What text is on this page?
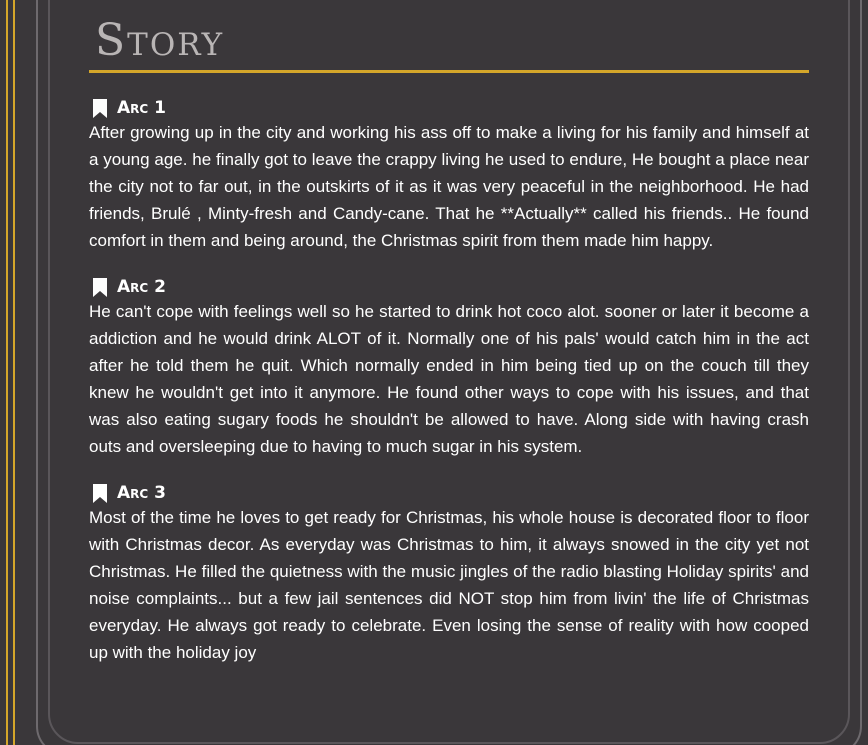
Story
Arc 1

After growing up in the city and working his ass off to make a living for his family and himself at a young age. he finally got to leave the crappy living he used to endure, He bought a place near the city not to far out, in the outskirts of it as it was very peaceful in the neighborhood. He had friends, Brulé , Minty-fresh and Candy-cane. That he **Actually** called his friends.. He found comfort in them and being around, the Christmas spirit from them made him happy.

Arc 2

He can't cope with feelings well so he started to drink hot coco alot. sooner or later it become a addiction and he would drink ALOT of it. Normally one of his pals' would catch him in the act after he told them he quit. Which normally ended in him being tied up on the couch till they knew he wouldn't get into it anymore. He found other ways to cope with his issues, and that was also eating sugary foods he shouldn't be allowed to have. Along side with having crash outs and oversleeping due to having to much sugar in his system.

Arc 3

Most of the time he loves to get ready for Christmas, his whole house is decorated floor to floor with Christmas decor. As everyday was Christmas to him, it always snowed in the city yet not Christmas. He filled the quietness with the music jingles of the radio blasting Holiday spirits' and noise complaints... but a few jail sentences did NOT stop him from livin' the life of Christmas everyday. He always got ready to celebrate. Even losing the sense of reality with how cooped up with the holiday joy
